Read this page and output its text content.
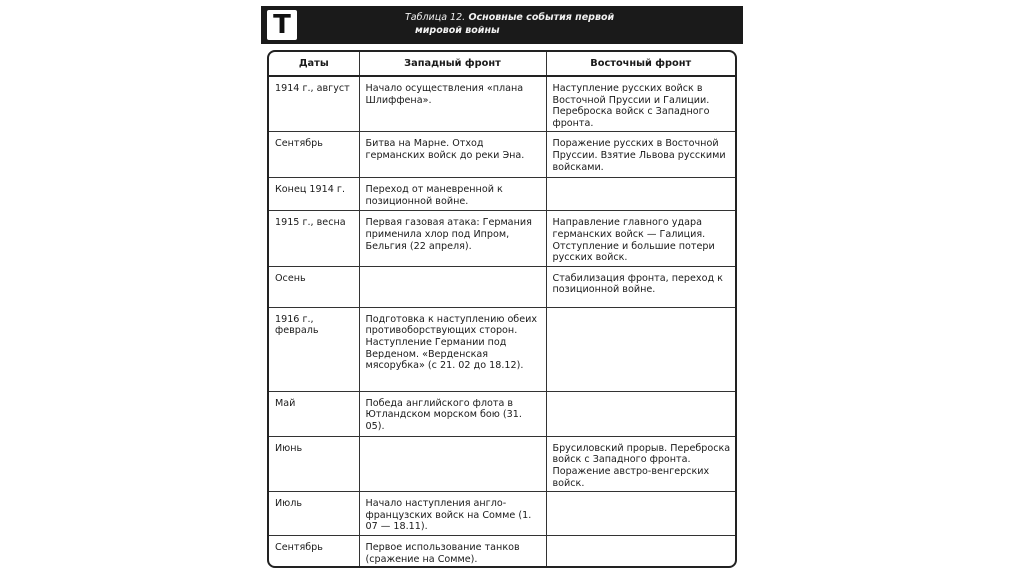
Т	Таблица 12. Основные события первой
мировой войны
Даты	Западный фронт	Восточный фронт
1914 г., август	Начало осуществления «плана Шлиффена».	Наступление русских войск в Восточной Пруссии и Галиции. Переброска войск с Западного фронта.
Сентябрь	Битва на Марне. Отход германских войск до реки Эна.	Поражение русских в Восточной Пруссии. Взятие Львова русскими войсками.
Конец 1914 г.	Переход от маневренной к позиционной войне.	
1915 г., весна	Первая газовая атака: Германия применила хлор под Ипром, Бельгия (22 апреля).	Направление главного удара германских войск — Галиция. Отступление и большие потери русских войск.
Осень		Стабилизация фронта, переход к позиционной войне.
1916 г., февраль	Подготовка к наступлению обеих противоборствующих сторон. Наступление Германии под Верденом. «Верденская мясорубка» (с 21. 02 до 18.12).	
Май	Победа английского флота в Ютландском морском бою (31. 05).	
Июнь		Брусиловский прорыв. Переброска войск с Западного фронта. Поражение австро-венгерских войск.
Июль	Начало наступления англо-французских войск на Сомме (1. 07 — 18.11).	
Сентябрь	Первое использование танков (сражение на Сомме).	
